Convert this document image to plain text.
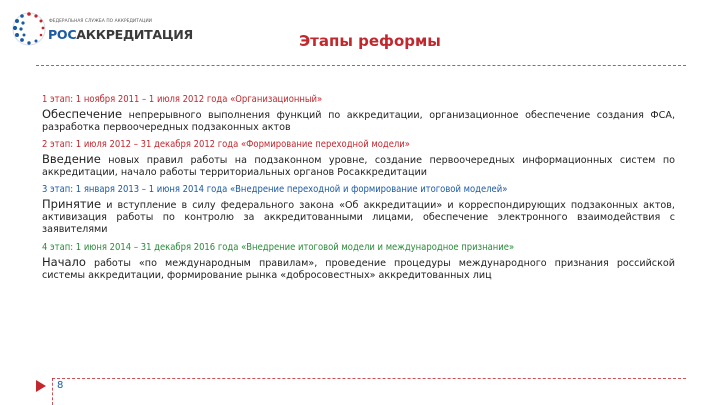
ФЕДЕРАЛЬНАЯ СЛУЖБА ПО АККРЕДИТАЦИИ
РОСАККРЕДИТАЦИЯ	Этапы реформы
1 этап: 1 ноября 2011 – 1 июля 2012 года «Организационный»
Обеспечение непрерывного выполнения функций по аккредитации, организационное обеспечение создания ФСА, разработка первоочередных подзаконных актов
2 этап: 1 июля 2012 – 31 декабря 2012 года «Формирование переходной модели»
Введение новых правил работы на подзаконном уровне, создание первоочередных информационных систем по аккредитации, начало работы территориальных органов Росаккредитации
3 этап: 1 января 2013 – 1 июня 2014 года «Внедрение переходной и формирование итоговой моделей»
Принятие и вступление в силу федерального закона «Об аккредитации» и корреспондирующих подзаконных актов, активизация работы по контролю за аккредитованными лицами, обеспечение электронного взаимодействия с заявителями
4 этап: 1 июня 2014 – 31 декабря 2016 года «Внедрение итоговой модели и международное признание»
Начало работы «по международным правилам», проведение процедуры международного признания российской системы аккредитации, формирование рынка «добросовестных» аккредитованных лиц
8
